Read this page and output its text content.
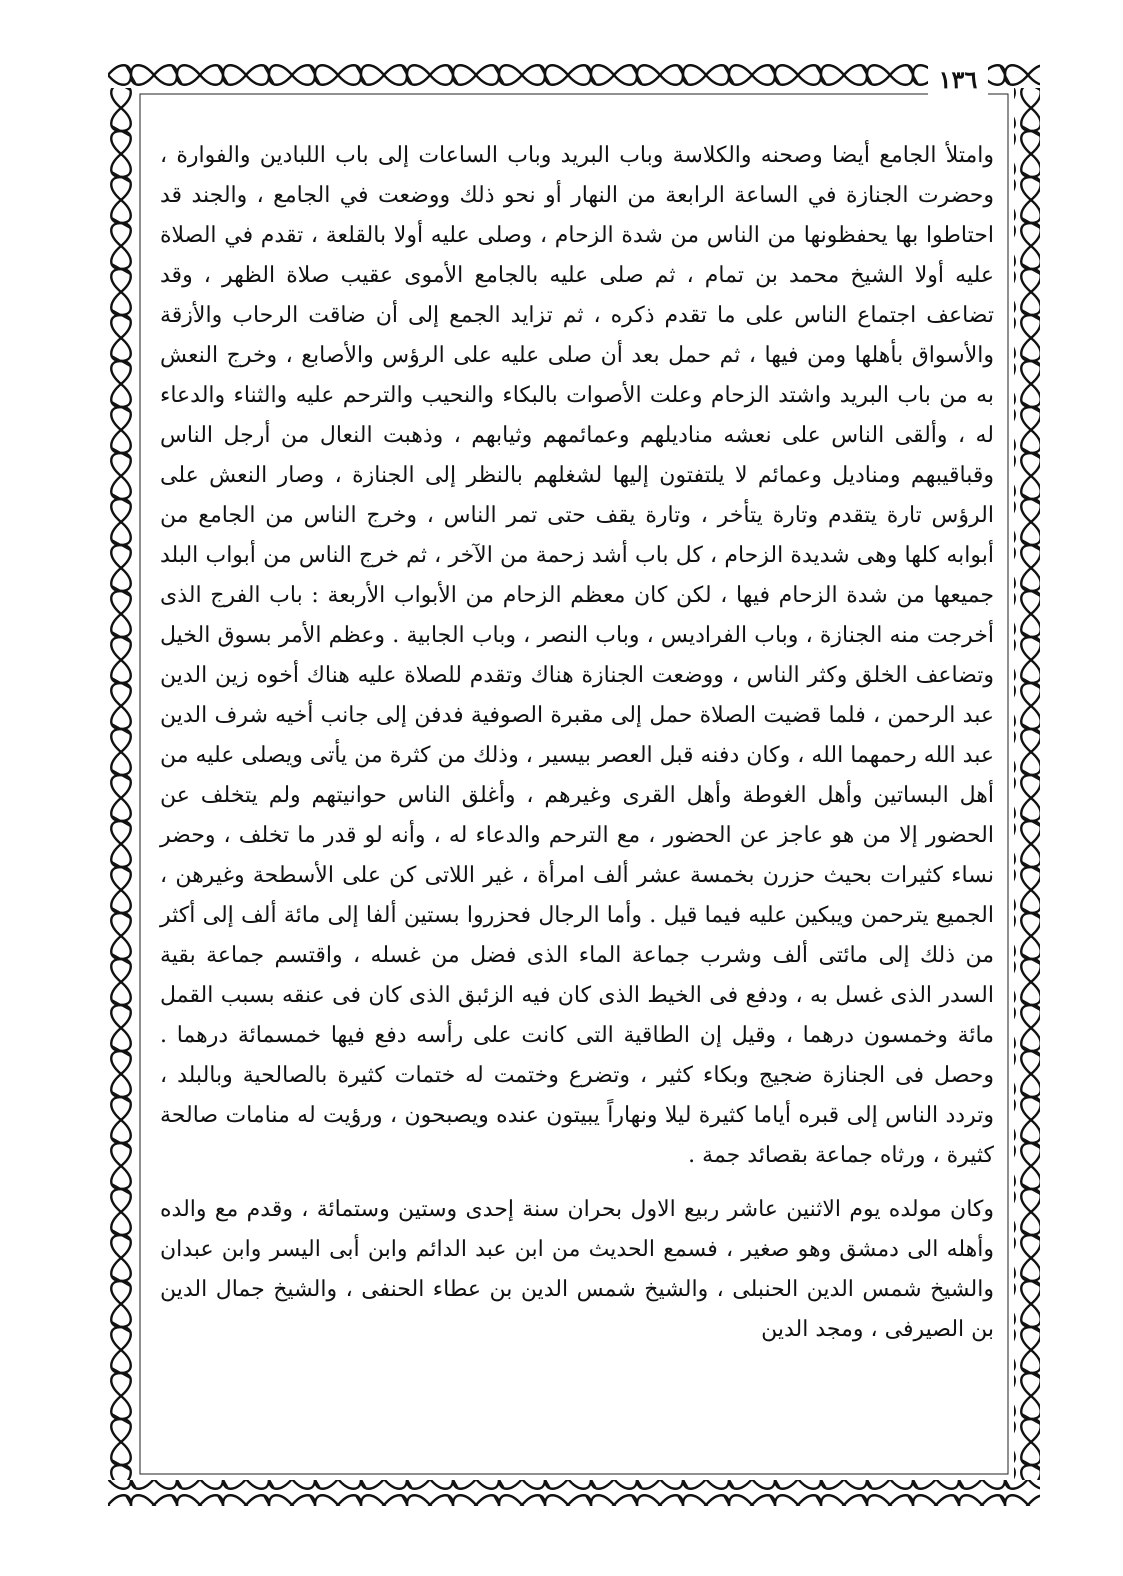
١٣٦

وامتلأ الجامع أيضا وصحنه والكلاسة وباب البريد وباب الساعات إلى باب اللبادين والفوارة ، وحضرت الجنازة في الساعة الرابعة من النهار أو نحو ذلك ووضعت في الجامع ، والجند قد احتاطوا بها يحفظونها من الناس من شدة الزحام ، وصلى عليه أولا بالقلعة ، تقدم في الصلاة عليه أولا الشيخ محمد بن تمام ، ثم صلى عليه بالجامع الأموى عقيب صلاة الظهر ، وقد تضاعف اجتماع الناس على ما تقدم ذكره ، ثم تزايد الجمع إلى أن ضاقت الرحاب والأزقة والأسواق بأهلها ومن فيها ، ثم حمل بعد أن صلى عليه على الرؤس والأصابع ، وخرج النعش به من باب البريد واشتد الزحام وعلت الأصوات بالبكاء والنحيب والترحم عليه والثناء والدعاء له ، وألقى الناس على نعشه مناديلهم وعمائمهم وثيابهم ، وذهبت النعال من أرجل الناس وقباقيبهم ومناديل وعمائم لا يلتفتون إليها لشغلهم بالنظر إلى الجنازة ، وصار النعش على الرؤس تارة يتقدم وتارة يتأخر ، وتارة يقف حتى تمر الناس ، وخرج الناس من الجامع من أبوابه كلها وهى شديدة الزحام ، كل باب أشد زحمة من الآخر ، ثم خرج الناس من أبواب البلد جميعها من شدة الزحام فيها ، لكن كان معظم الزحام من الأبواب الأربعة : باب الفرج الذى أخرجت منه الجنازة ، وباب الفراديس ، وباب النصر ، وباب الجابية . وعظم الأمر بسوق الخيل وتضاعف الخلق وكثر الناس ، ووضعت الجنازة هناك وتقدم للصلاة عليه هناك أخوه زين الدين عبد الرحمن ، فلما قضيت الصلاة حمل إلى مقبرة الصوفية فدفن إلى جانب أخيه شرف الدين عبد الله رحمهما الله ، وكان دفنه قبل العصر بيسير ، وذلك من كثرة من يأتى ويصلى عليه من أهل البساتين وأهل الغوطة وأهل القرى وغيرهم ، وأغلق الناس حوانيتهم ولم يتخلف عن الحضور إلا من هو عاجز عن الحضور ، مع الترحم والدعاء له ، وأنه لو قدر ما تخلف ، وحضر نساء كثيرات بحيث حزرن بخمسة عشر ألف امرأة ، غير اللاتى كن على الأسطحة وغيرهن ، الجميع يترحمن ويبكين عليه فيما قيل . وأما الرجال فحزروا بستين ألفا إلى مائة ألف إلى أكثر من ذلك إلى مائتى ألف وشرب جماعة الماء الذى فضل من غسله ، واقتسم جماعة بقية السدر الذى غسل به ، ودفع فى الخيط الذى كان فيه الزئبق الذى كان فى عنقه بسبب القمل مائة وخمسون درهما ، وقيل إن الطاقية التى كانت على رأسه دفع فيها خمسمائة درهما . وحصل فى الجنازة ضجيج وبكاء كثير ، وتضرع وختمت له ختمات كثيرة بالصالحية وبالبلد ، وتردد الناس إلى قبره أياما كثيرة ليلا ونهاراً يبيتون عنده ويصبحون ، ورؤيت له منامات صالحة كثيرة ، ورثاه جماعة بقصائد جمة .

وكان مولده يوم الاثنين عاشر ربيع الاول بحران سنة إحدى وستين وستمائة ، وقدم مع والده وأهله الى دمشق وهو صغير ، فسمع الحديث من ابن عبد الدائم وابن أبى اليسر وابن عبدان والشيخ شمس الدين الحنبلى ، والشيخ شمس الدين بن عطاء الحنفى ، والشيخ جمال الدين بن الصيرفى ، ومجد الدين
